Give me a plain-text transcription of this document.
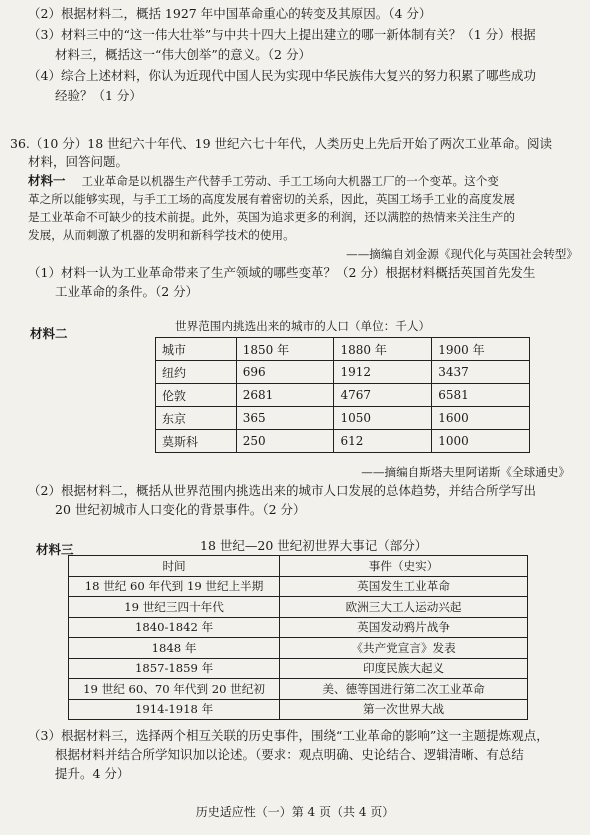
（2）根据材料二，概括 1927 年中国革命重心的转变及其原因。（4 分）
（3）材料三中的“这一伟大壮举”与中共十四大上提出建立的哪一新体制有关？（1 分）根据
材料三，概括这一“伟大创举”的意义。（2 分）
（4）综合上述材料，你认为近现代中国人民为实现中华民族伟大复兴的努力积累了哪些成功
经验？（1 分）
36.（10 分）18 世纪六十年代、19 世纪六七十年代，人类历史上先后开始了两次工业革命。阅读
材料，回答问题。
材料一 工业革命是以机器生产代替手工劳动、手工工场向大机器工厂的一个变革。这个变
革之所以能够实现，与手工工场的高度发展有着密切的关系，因此，英国工场手工业的高度发展
是工业革命不可缺少的技术前提。此外，英国为追求更多的利润，还以满腔的热情来关注生产的
发展，从而刺激了机器的发明和新科学技术的使用。
——摘编自刘金源《现代化与英国社会转型》
（1）材料一认为工业革命带来了生产领域的哪些变革？（2 分）根据材料概括英国首先发生
工业革命的条件。（2 分）
材料二	世界范围内挑选出来的城市的人口（单位：千人）
城市	1850 年	1880 年	1900 年
纽约	696	1912	3437
伦敦	2681	4767	6581
东京	365	1050	1600
莫斯科	250	612	1000
——摘编自斯塔夫里阿诺斯《全球通史》
（2）根据材料二，概括从世界范围内挑选出来的城市人口发展的总体趋势，并结合所学写出
20 世纪初城市人口变化的背景事件。（2 分）
材料三	18 世纪—20 世纪初世界大事记（部分）
时间	事件（史实）
18 世纪 60 年代到 19 世纪上半期	英国发生工业革命
19 世纪三四十年代	欧洲三大工人运动兴起
1840-1842 年	英国发动鸦片战争
1848 年	《共产党宣言》发表
1857-1859 年	印度民族大起义
19 世纪 60、70 年代到 20 世纪初	美、德等国进行第二次工业革命
1914-1918 年	第一次世界大战
（3）根据材料三，选择两个相互关联的历史事件，围绕“工业革命的影响”这一主题提炼观点，
根据材料并结合所学知识加以论述。（要求：观点明确、史论结合、逻辑清晰、有总结
提升。4 分）
历史适应性（一）第 4 页（共 4 页）
